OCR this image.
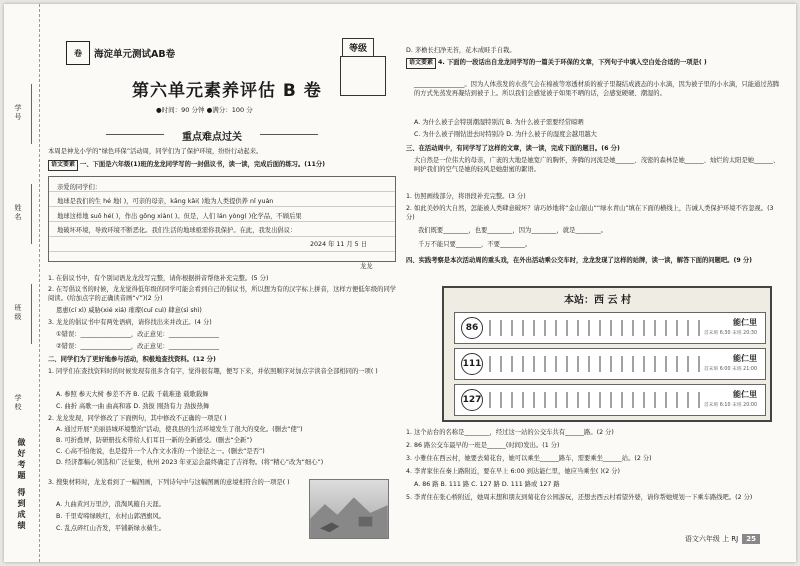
学号
姓名
班级
学校
做好考题 得到成绩
卷	海淀单元测试AB卷	等级
第六单元素养评估 B 卷
●时间：90 分钟 ●满分：100 分
重点难点过关
本周是神龙小学的“绿色环保”活动周，同学们为了保护环境，纷纷行动起来。
语文要素 一、下面是六年级(1)班的龙龙同学写的一封倡议书，读一读，完成后面的练习。(11分)
亲爱的同学们：
地球是我们的生 hé 地( )，可亲的母亲，kāng kǎi( )地为人类提供养 nǐ yuán
地球这样地 suǒ hé( )，作出 gōng xiàn( )。但是，人们 lán yòng( )化学品，不顾后果
地破坏环境，导致环境不断恶化。我们生活的地球亟需你我保护。在此，我发出倡议：
2024 年 11 月 5 日
龙龙
1. 在倡议书中，有个别词语龙龙没写完整，请你根据拼音帮他补充完整。(5 分)
2. 在写倡议书的时候，龙龙觉得低年级的同学可能会看到自己的倡议书，所以想为有的汉字标上拼音，这样方便低年级的同学阅读。(给加点字的正确读音画“√”)(2 分)
恩惠(cí xì) 威胁(xié xiá) 璀璨(cuǐ cuì) 肆意(sì shì)
3. 龙龙的倡议书中有两处语病，请你找出来并改正。(4 分)
①错误：________________，改正意见：________________
②错误：________________，改正意见：________________
二、同学们为了更好地参与活动，积极地查找资料。(12 分)
1. 同学们在查找资料时的时候发现有很多含有字，觉得很有趣，便写下来，并依照顺序对加点字读音全部相同的一项( )
A. 参照 参天大树 参差不齐 B. 记载 千载难逢 载歌载舞
C. 曲折 高歌一曲 曲高和寡 D. 劲拔 刚劲有力 劲拔热舞
2. 龙龙发现，同学修改了下面例句，其中修改不正确的一项是( )
A. 通过开展“美丽县城环境整治”活动，使我县的生活环境发生了很大的变化。(删去“使”)
B. 可折叠屏，防研册技术带给人们耳目一新的全新感受。(删去“全新”)
C. 心高不怕他说，也是提升一个人作文水准的一个途径之一。(删去“是否”)
D. 经济都幅心领选和广泛征集，杭州 2023 年亚运会最终确定了吉祥物。(将“精心”改为“细心”)
3. 搜集材料时，龙龙看到了一幅图画，下列诗句中与这幅图画的意境相符合的一项是( )
A. 九曲黄河万里沙，浪淘风簸自天涯。
B. 千里莺啼绿映红，水村山郭酒旗风。
C. 乱点碎红山杏发，平铺新绿水蘋生。
D. 茅檐长扫净无苔，花木成畦手自栽。
语文要素 4. 下面的一段话出自龙龙同学写的一篇关于环保的文章，下列句子中填入空白处合适的一项是( )
________________。因为人体蒸发的水蒸气会在棉被等寒透材质的被子里凝结成液态的小水滴，因为被子里的小水滴，只能通过蒸腾的方式先蒸发再凝结到被子上。所以我们会感觉被子如果不晒的话，会感觉硬硬、潮湿的。
A. 为什么被子会特别潮湿特别沉 B. 为什么被子需要经常晾晒
C. 为什么被子刚钻进去时特别冷 D. 为什么被子的湿度会越用越大
三、在活动周中，有同学写了这样的文章，读一读，完成下面的题目。(6 分)
大自然是一位伟大的母亲，广袤的大地是她宽广的胸怀，奔腾的河流是她______、茂密的森林是她______、灿烂的太阳是她______、呵护我们的空气是她的轻风是她甜蜜的絮语。
1. 仿照画线部分，将语段补充完整。(3 分)
2. 如此美妙的大自然，怎能被人类肆意破坏？请巧妙地将“金山银山”“绿水青山”填在下面的横线上，告诫人类保护环境不容忽视。(3 分)
我们既要________，也要________，因为________，就是________。
千万不能只要________，不要________。
四、实践考察是本次活动周的重头戏，在外出活动乘公交车时，龙龙发现了这样的站牌，读一读，解答下面的问题吧。(9 分)
本站：西 云 村
86
能仁里
首末班 6:30 末班 20:30
111
能仁里
首末班 6:00 末班 21:00
127
能仁里
首末班 6:10 末班 20:00
1. 这个站台的名称是________，经过这一站的公交车共有______路。(2 分)
2. 86 路公交车最早的一班是______(时间)发出。(1 分)
3. 小雅住在西云村，她要去菊花台，她可以乘坐______路车，需要乘坐______站。(2 分)
4. 李青家住在秦上路附近，要在早上 6:00 到达能仁里，她应当乘坐( )(2 分)
A. 86 路 B. 111 路 C. 127 路 D. 111 路或 127 路
5. 李青住在张心桥附近，她周末想和朋友到菊花台公园游玩，还想去西云村看望外婆，请你帮她规划一下乘车路线吧。(2 分)
语文六年级 上 RJ 25
